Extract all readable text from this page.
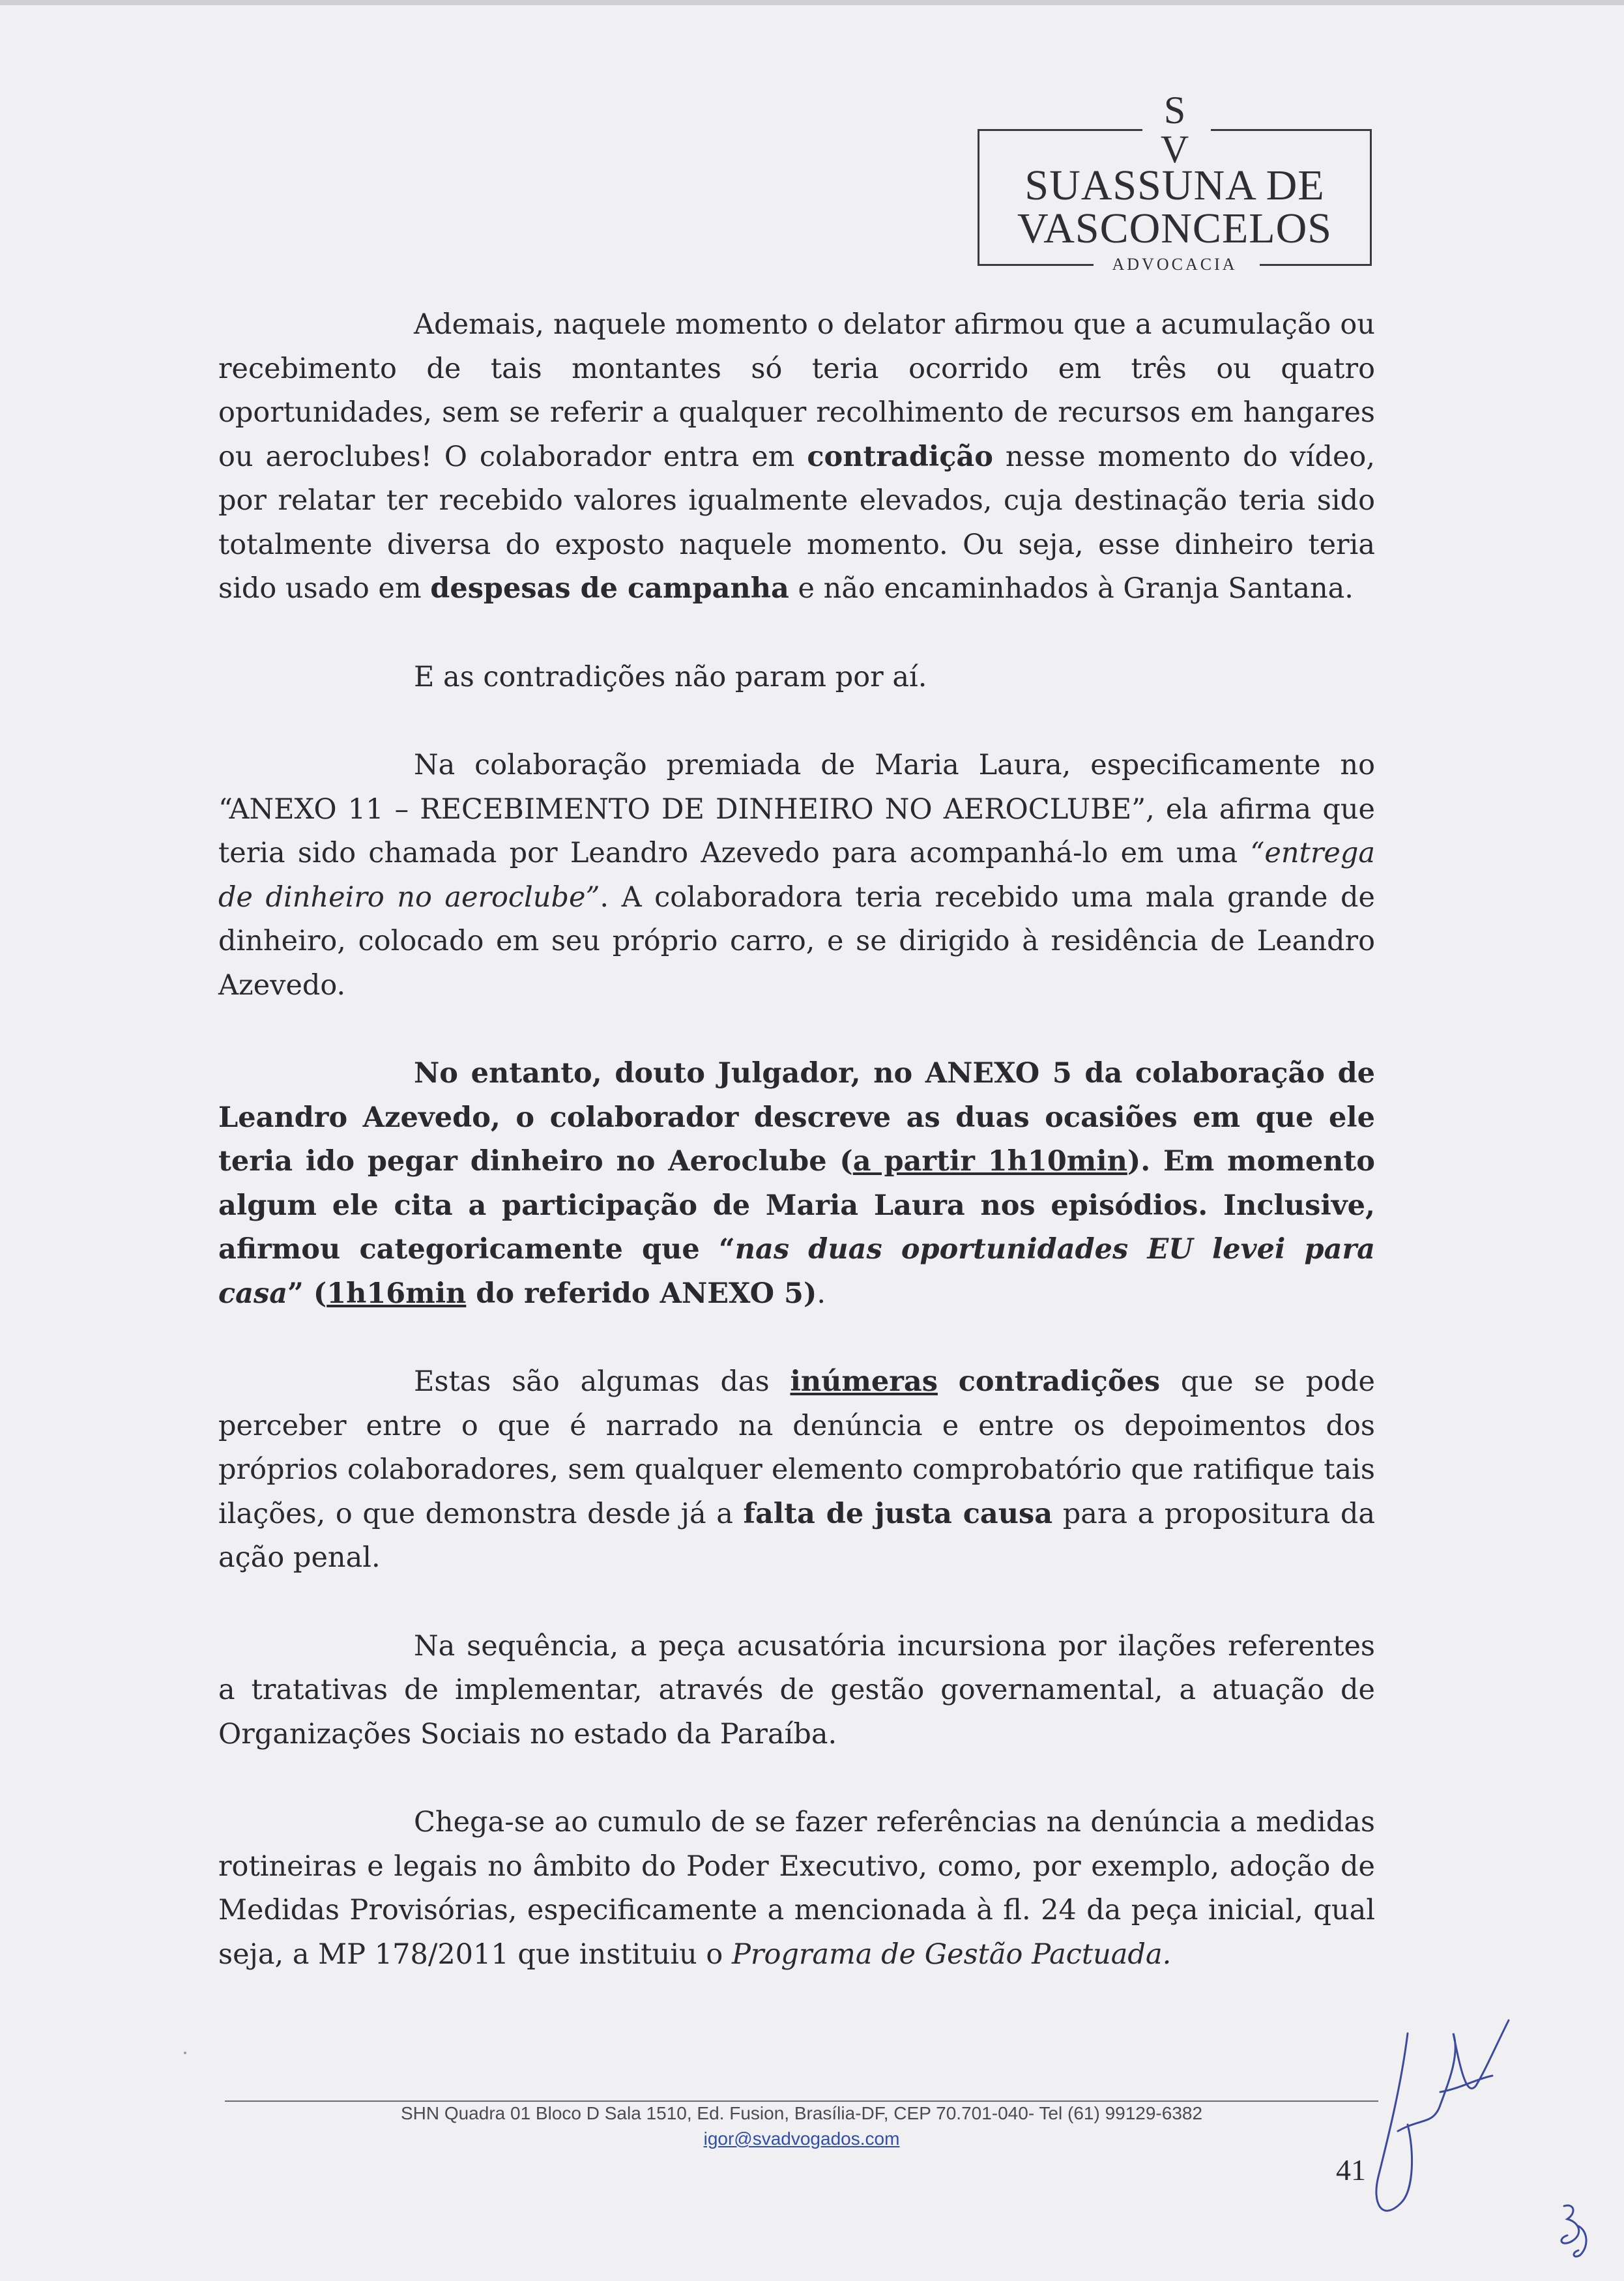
S
V
SUASSUNA DE
VASCONCELOS
ADVOCACIA

Ademais, naquele momento o delator afirmou que a acumulação ou recebimento de tais montantes só teria ocorrido em três ou quatro oportunidades, sem se referir a qualquer recolhimento de recursos em hangares ou aeroclubes! O colaborador entra em contradição nesse momento do vídeo, por relatar ter recebido valores igualmente elevados, cuja destinação teria sido totalmente diversa do exposto naquele momento. Ou seja, esse dinheiro teria sido usado em despesas de campanha e não encaminhados à Granja Santana.

E as contradições não param por aí.

Na colaboração premiada de Maria Laura, especificamente no “ANEXO 11 – RECEBIMENTO DE DINHEIRO NO AEROCLUBE”, ela afirma que teria sido chamada por Leandro Azevedo para acompanhá-lo em uma “entrega de dinheiro no aeroclube”. A colaboradora teria recebido uma mala grande de dinheiro, colocado em seu próprio carro, e se dirigido à residência de Leandro Azevedo.

No entanto, douto Julgador, no ANEXO 5 da colaboração de Leandro Azevedo, o colaborador descreve as duas ocasiões em que ele teria ido pegar dinheiro no Aeroclube (a partir 1h10min). Em momento algum ele cita a participação de Maria Laura nos episódios. Inclusive, afirmou categoricamente que “nas duas oportunidades EU levei para casa” (1h16min do referido ANEXO 5).

Estas são algumas das inúmeras contradições que se pode perceber entre o que é narrado na denúncia e entre os depoimentos dos próprios colaboradores, sem qualquer elemento comprobatório que ratifique tais ilações, o que demonstra desde já a falta de justa causa para a propositura da ação penal.

Na sequência, a peça acusatória incursiona por ilações referentes a tratativas de implementar, através de gestão governamental, a atuação de Organizações Sociais no estado da Paraíba.

Chega-se ao cumulo de se fazer referências na denúncia a medidas rotineiras e legais no âmbito do Poder Executivo, como, por exemplo, adoção de Medidas Provisórias, especificamente a mencionada à fl. 24 da peça inicial, qual seja, a MP 178/2011 que instituiu o Programa de Gestão Pactuada.

SHN Quadra 01 Bloco D Sala 1510, Ed. Fusion, Brasília-DF, CEP 70.701-040- Tel (61) 99129-6382
igor@svadvogados.com
41
